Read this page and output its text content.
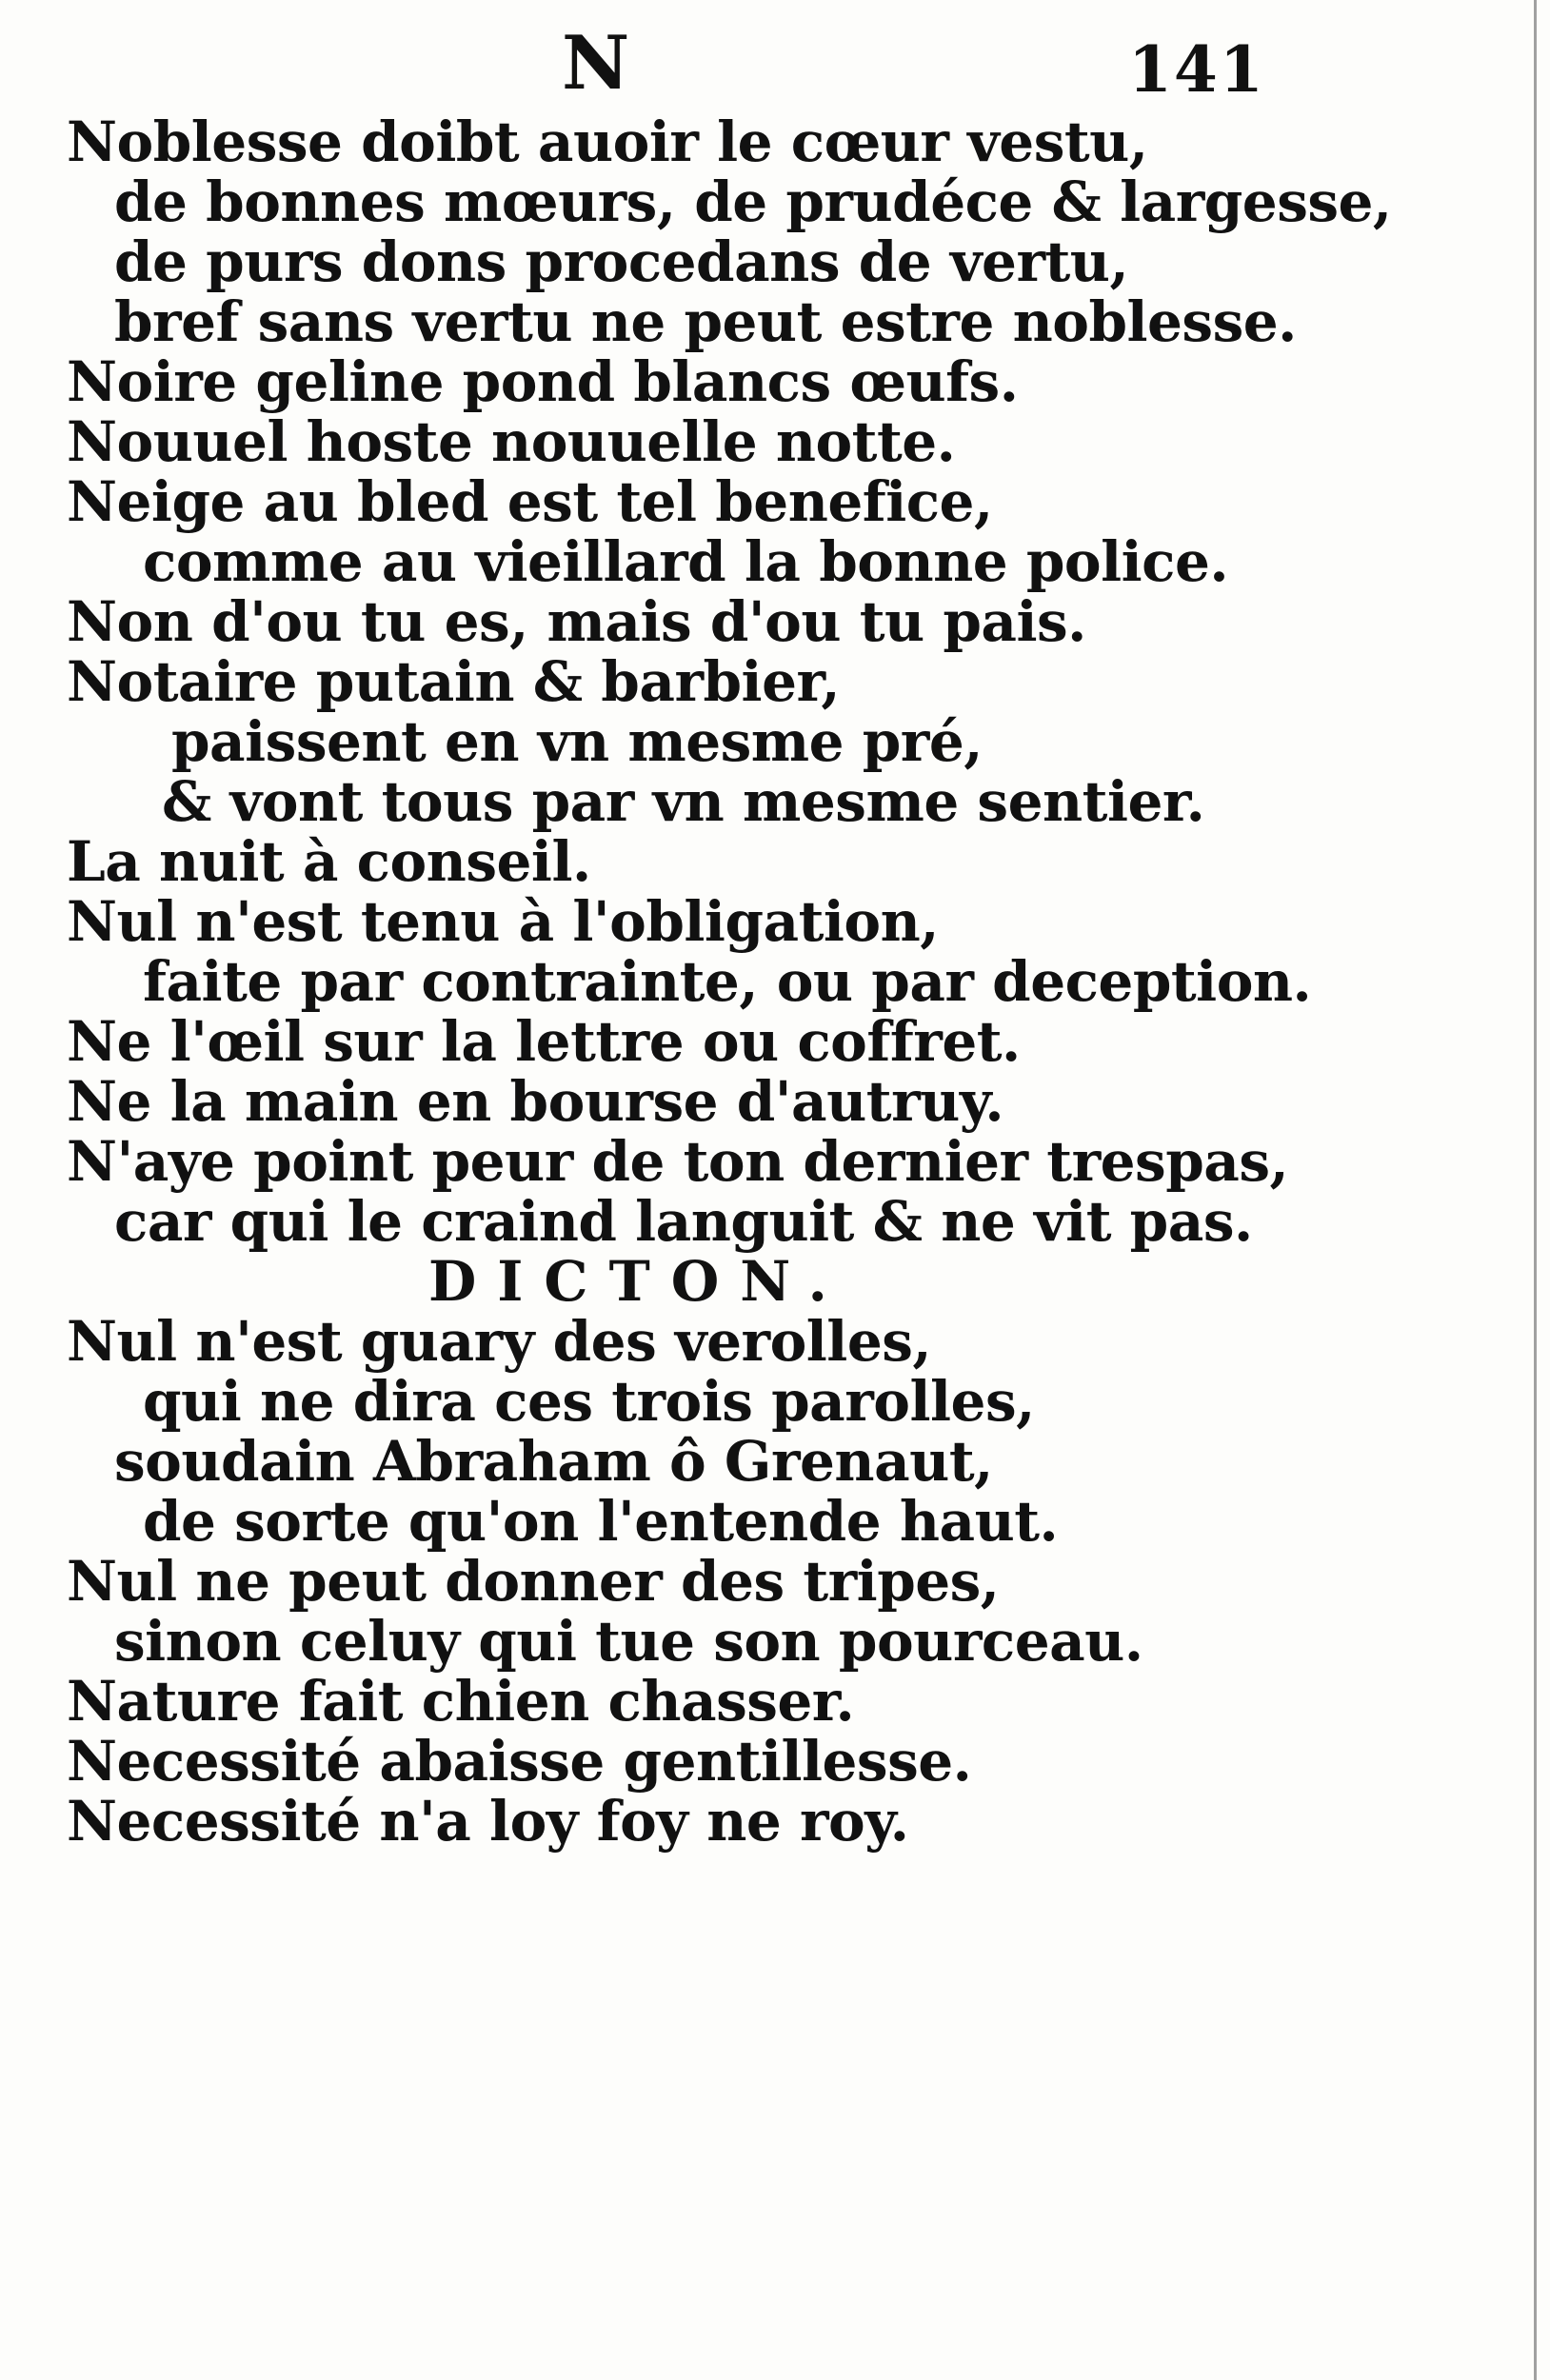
N	141
Noblesse doibt auoir le cœur vestu,
de bonnes mœurs, de prudéce & largesse,
de purs dons procedans de vertu,
bref sans vertu ne peut estre noblesse.
Noire geline pond blancs œufs.
Nouuel hoste nouuelle notte.
Neige au bled est tel benefice,
comme au vieillard la bonne police.
Non d'ou tu es, mais d'ou tu pais.
Notaire putain & barbier,
paissent en vn mesme pré,
& vont tous par vn mesme sentier.
La nuit à conseil.
Nul n'est tenu à l'obligation,
faite par contrainte, ou par deception.
Ne l'œil sur la lettre ou coffret.
Ne la main en bourse d'autruy.
N'aye point peur de ton dernier trespas,
car qui le craind languit & ne vit pas.
DICTON.
Nul n'est guary des verolles,
qui ne dira ces trois parolles,
soudain Abraham ô Grenaut,
de sorte qu'on l'entende haut.
Nul ne peut donner des tripes,
sinon celuy qui tue son pourceau.
Nature fait chien chasser.
Necessité abaisse gentillesse.
Necessité n'a loy foy ne roy.
